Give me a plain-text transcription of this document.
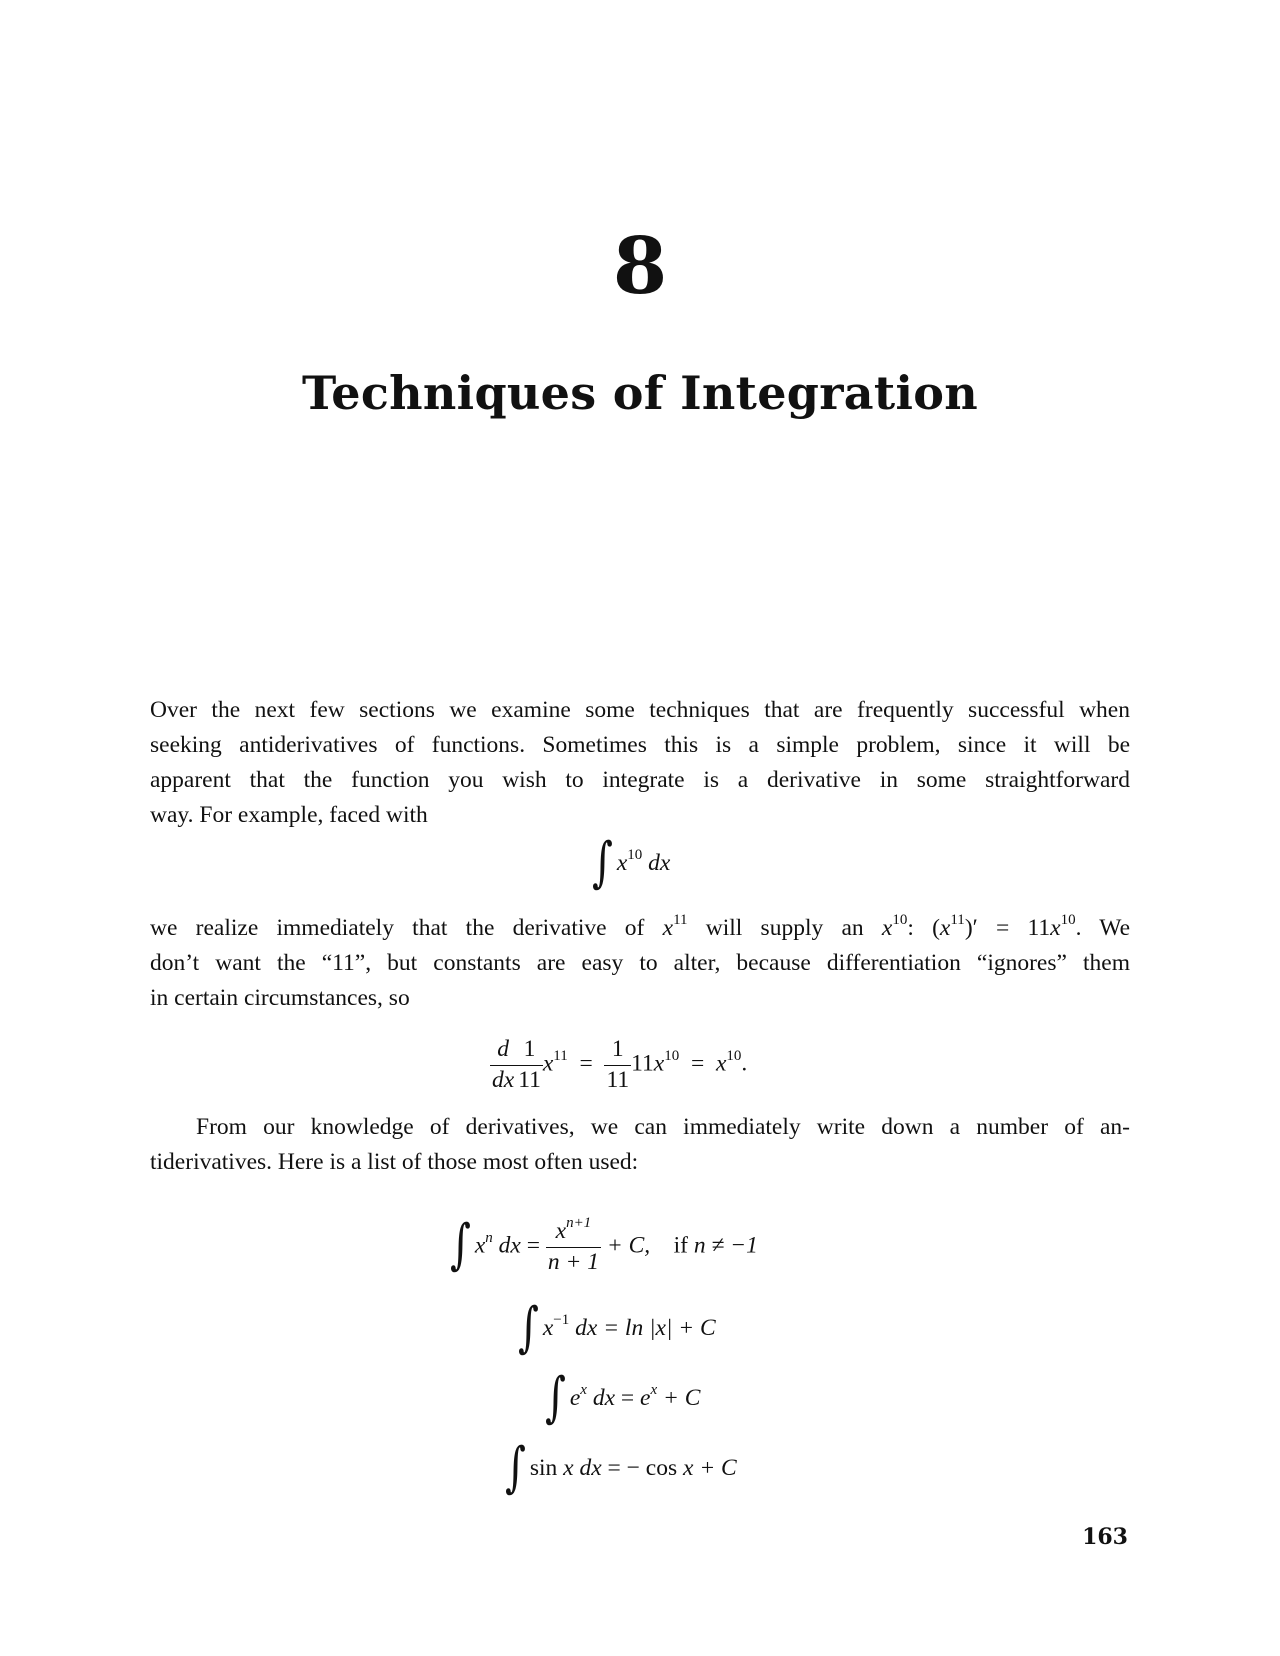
8
Techniques of Integration

Over the next few sections we examine some techniques that are frequently successful when
seeking antiderivatives of functions. Sometimes this is a simple problem, since it will be
apparent that the function you wish to integrate is a derivative in some straightforward
way. For example, faced with

∫ $x^{10}$ dx

we realize immediately that the derivative of $x^{11}$ will supply an $x^{10}$: $(x^{11})' = 11x^{10}$. We
don’t want the “11”, but constants are easy to alter, because differentiation “ignores” them
in certain circumstances, so

$\frac{d}{dx} \frac{1}{11} x^{11} = \frac{1}{11} 11x^{10} = x^{10}$.

From our knowledge of derivatives, we can immediately write down a number of an-
tiderivatives. Here is a list of those most often used:

∫ $x^n$ dx = $\frac{x^{n+1}}{n + 1} + C$, if n ≠ −1
∫ $x^{-1}$ dx = ln |x| + C
∫ $e^x$ dx = $e^x + C$
∫ sin x dx = − cos x + C
163
